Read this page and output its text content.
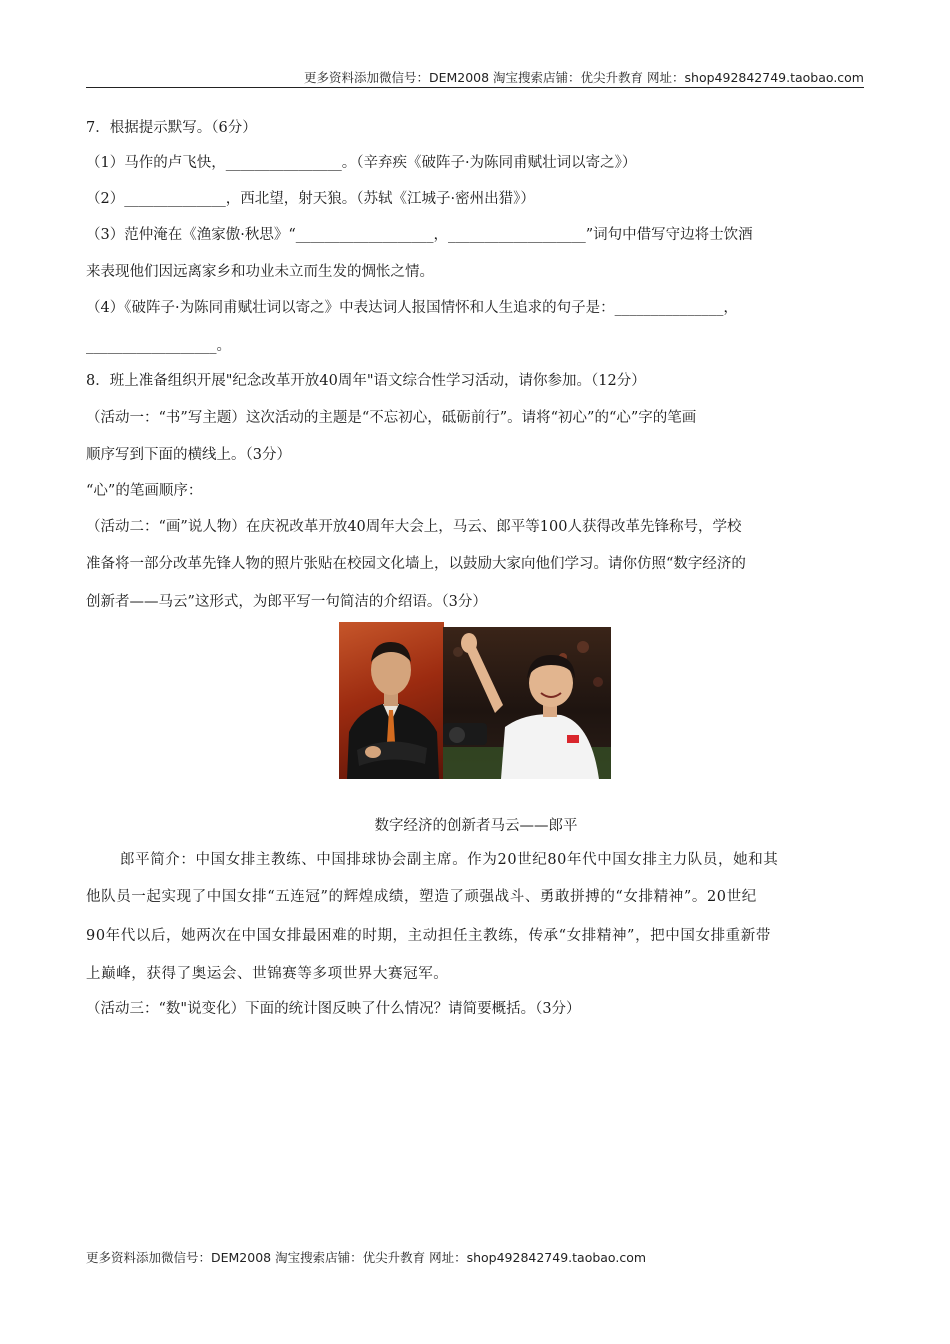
更多资料添加微信号：DEM2008 淘宝搜索店铺：优尖升教育 网址：shop492842749.taobao.com
7．根据提示默写。（6分）
（1）马作的卢飞快，________________。（辛弃疾《破阵子·为陈同甫赋壮词以寄之》）
（2）______________，西北望，射天狼。（苏轼《江城子·密州出猎》）
（3）范仲淹在《渔家傲·秋思》“___________________，___________________”词句中借写守边将士饮酒
来表现他们因远离家乡和功业未立而生发的惆怅之情。
（4）《破阵子·为陈同甫赋壮词以寄之》中表达词人报国情怀和人生追求的句子是：_______________，
__________________。
8．班上准备组织开展"纪念改革开放40周年"语文综合性学习活动，请你参加。（12分）
（活动一：“书”写主题）这次活动的主题是“不忘初心，砥砺前行”。请将“初心”的“心”字的笔画
顺序写到下面的横线上。（3分）
“心”的笔画顺序：
（活动二：“画”说人物）在庆祝改革开放40周年大会上，马云、郎平等100人获得改革先锋称号，学校
准备将一部分改革先锋人物的照片张贴在校园文化墙上，以鼓励大家向他们学习。请你仿照“数字经济的
创新者——马云”这形式，为郎平写一句简洁的介绍语。（3分）
数字经济的创新者马云——郎平
郎平简介：中国女排主教练、中国排球协会副主席。作为20世纪80年代中国女排主力队员，她和其
他队员一起实现了中国女排“五连冠”的辉煌成绩，塑造了顽强战斗、勇敢拼搏的“女排精神”。20世纪
90年代以后，她两次在中国女排最困难的时期，主动担任主教练，传承“女排精神”，把中国女排重新带
上巅峰，获得了奥运会、世锦赛等多项世界大赛冠军。
（活动三：“数"说变化）下面的统计图反映了什么情况？请简要概括。（3分）
更多资料添加微信号：DEM2008 淘宝搜索店铺：优尖升教育 网址：shop492842749.taobao.com
